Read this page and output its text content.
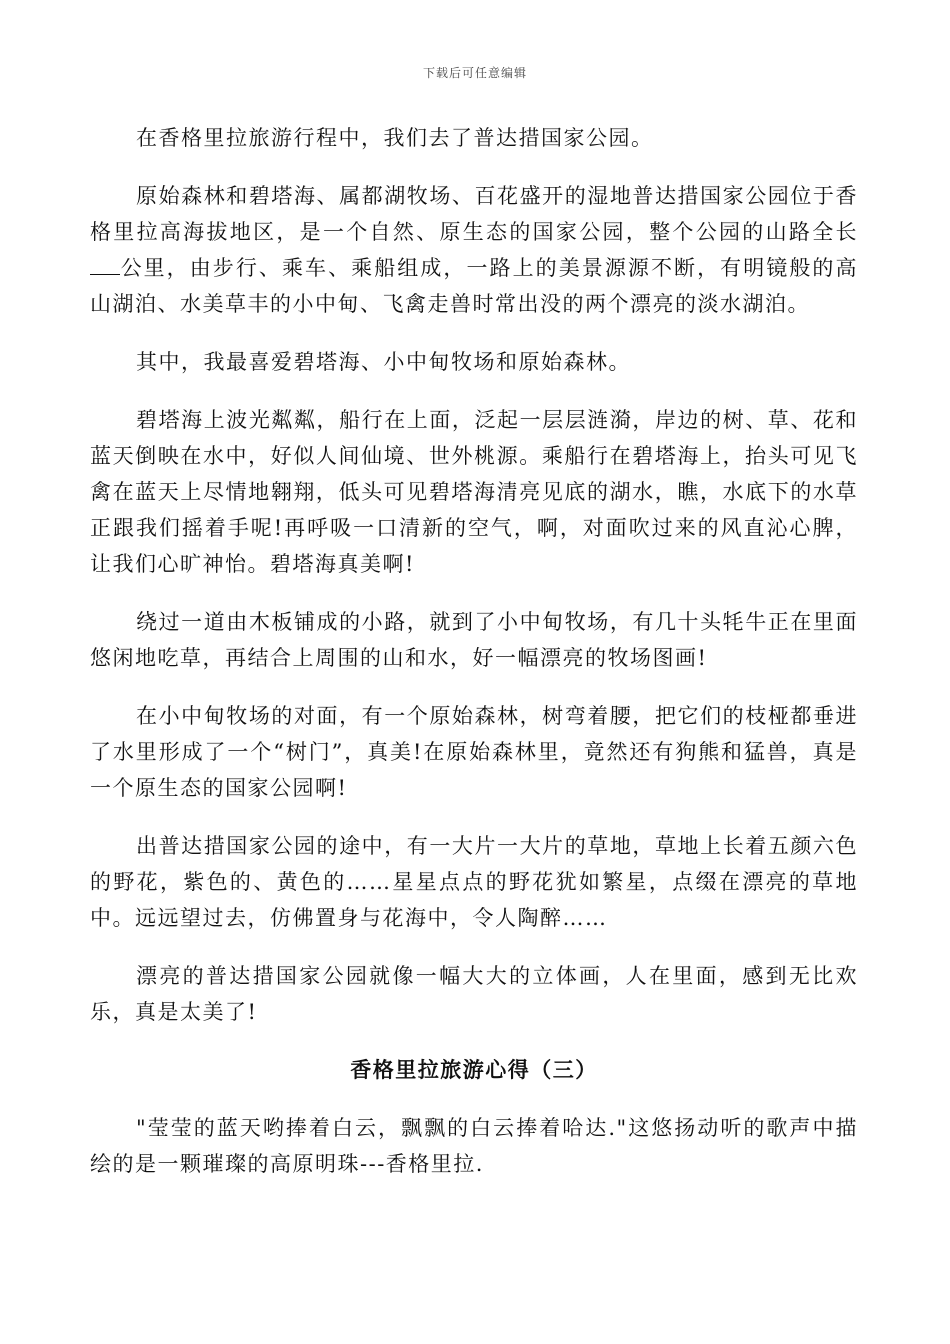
下载后可任意编辑

在香格里拉旅游行程中，我们去了普达措国家公园。

原始森林和碧塔海、属都湖牧场、百花盛开的湿地普达措国家公园位于香格里拉高海拔地区，是一个自然、原生态的国家公园，整个公园的山路全长公里，由步行、乘车、乘船组成，一路上的美景源源不断，有明镜般的高山湖泊、水美草丰的小中甸、飞禽走兽时常出没的两个漂亮的淡水湖泊。

其中，我最喜爱碧塔海、小中甸牧场和原始森林。

碧塔海上波光粼粼，船行在上面，泛起一层层涟漪，岸边的树、草、花和蓝天倒映在水中，好似人间仙境、世外桃源。乘船行在碧塔海上，抬头可见飞禽在蓝天上尽情地翱翔，低头可见碧塔海清亮见底的湖水，瞧，水底下的水草正跟我们摇着手呢!再呼吸一口清新的空气，啊，对面吹过来的风直沁心脾，让我们心旷神怡。碧塔海真美啊!

绕过一道由木板铺成的小路，就到了小中甸牧场，有几十头牦牛正在里面悠闲地吃草，再结合上周围的山和水，好一幅漂亮的牧场图画!

在小中甸牧场的对面，有一个原始森林，树弯着腰，把它们的枝桠都垂进了水里形成了一个“树门”，真美!在原始森林里，竟然还有狗熊和猛兽，真是一个原生态的国家公园啊!

出普达措国家公园的途中，有一大片一大片的草地，草地上长着五颜六色的野花，紫色的、黄色的……星星点点的野花犹如繁星，点缀在漂亮的草地中。远远望过去，仿佛置身与花海中，令人陶醉……

漂亮的普达措国家公园就像一幅大大的立体画，人在里面，感到无比欢乐，真是太美了!

香格里拉旅游心得（三）

"莹莹的蓝天哟捧着白云，飘飘的白云捧着哈达."这悠扬动听的歌声中描绘的是一颗璀璨的高原明珠---香格里拉.
